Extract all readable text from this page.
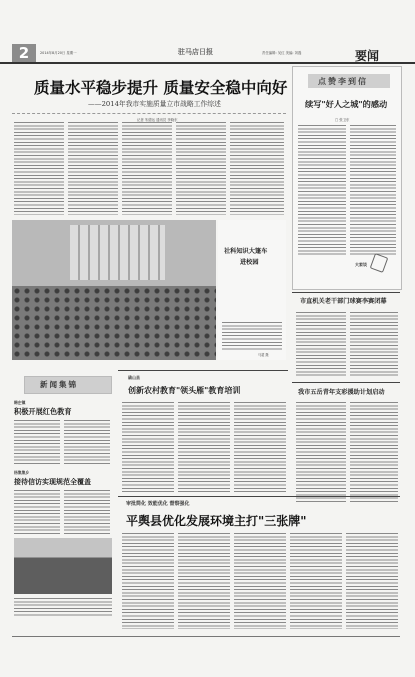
2	2014年8月20日 星期一	驻马店日报	责任编辑: 吴红 美编: 刘磊	要闻
质量水平稳步提升 质量安全稳中向好
——2014年我市实施质量立市战略工作综述
记者 朱德运 通讯员 李晓东
点赞李到信
续写"好人之城"的感动
□ 张卫东
大家谈
社科知识大篷车
进校园
马超 摄
市直机关老干部门球赛李赛闭幕
我市五岳青年支彩援助计划启动
新闻集锦
韩庄镇
积极开展红色教育
杨集集乡
接待信访实现规范全覆盖
确山县
创新农村教育"领头雁"教育培训
审批简化 效能优化 督察强化
平舆县优化发展环境主打"三张牌"
